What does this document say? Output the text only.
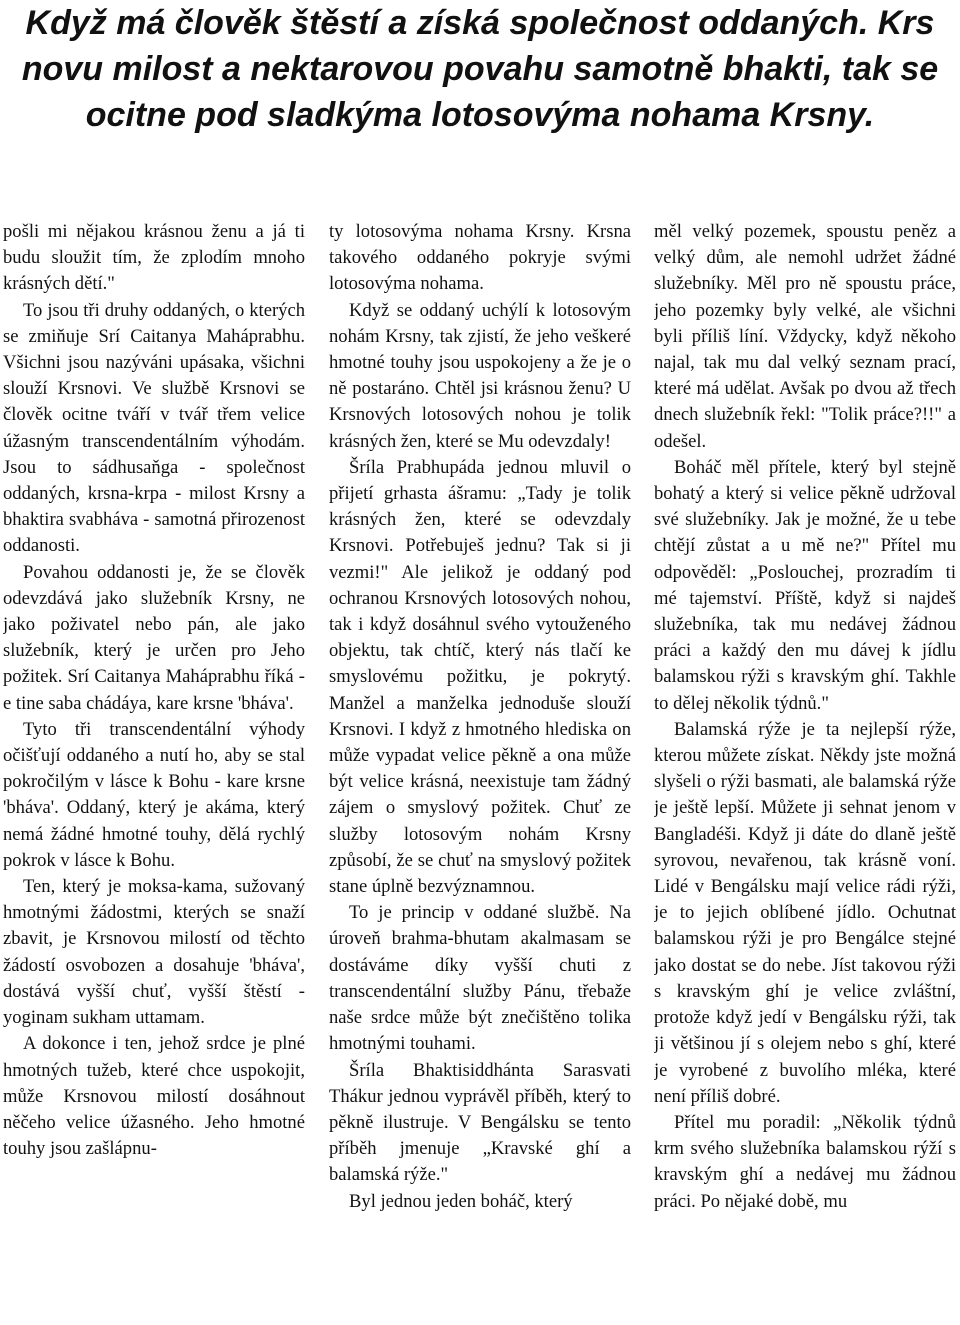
Když má člověk štěstí a získá společnost oddaných. Krs novu milost a nektarovou povahu samotně bhakti, tak se ocitne pod sladkýma lotosovýma nohama Krsny.

pošli mi nějakou krásnou ženu a já ti budu sloužit tím, že zplodím mnoho krásných dětí."

To jsou tři druhy oddaných, o kterých se zmiňuje Srí Caitanya Maháprabhu. Všichni jsou nazýváni upásaka, všichni slouží Krsnovi. Ve službě Krsnovi se člověk ocitne tváří v tvář třem velice úžasným transcendentálním výhodám. Jsou to sádhusaňga - společnost oddaných, krsna-krpa - milost Krsny a bhaktira svabháva - samotná přirozenost oddanosti.

Povahou oddanosti je, že se člověk odevzdává jako služebník Krsny, ne jako poživatel nebo pán, ale jako služebník, který je určen pro Jeho požitek. Srí Caitanya Maháprabhu říká - e tine saba chádáya, kare krsne 'bháva'.

Tyto tři transcendentální výhody očišťují oddaného a nutí ho, aby se stal pokročilým v lásce k Bohu - kare krsne 'bháva'. Oddaný, který je akáma, který nemá žádné hmotné touhy, dělá rychlý pokrok v lásce k Bohu.

Ten, který je moksa-kama, sužovaný hmotnými žádostmi, kterých se snaží zbavit, je Krsnovou milostí od těchto žádostí osvobozen a dosahuje 'bháva', dostává vyšší chuť, vyšší štěstí - yoginam sukham uttamam.

A dokonce i ten, jehož srdce je plné hmotných tužeb, které chce uspokojit, může Krsnovou milostí dosáhnout něčeho velice úžasného. Jeho hmotné touhy jsou zašlápnu-

ty lotosovýma nohama Krsny. Krsna takového oddaného pokryje svými lotosovýma nohama.

Když se oddaný uchýlí k lotosovým nohám Krsny, tak zjistí, že jeho veškeré hmotné touhy jsou uspokojeny a že je o ně postaráno. Chtěl jsi krásnou ženu? U Krsnových lotosových nohou je tolik krásných žen, které se Mu odevzdaly!

Šríla Prabhupáda jednou mluvil o přijetí grhasta ášramu: „Tady je tolik krásných žen, které se odevzdaly Krsnovi. Potřebuješ jednu? Tak si ji vezmi!" Ale jelikož je oddaný pod ochranou Krsnových lotosových nohou, tak i když dosáhnul svého vytouženého objektu, tak chtíč, který nás tlačí ke smyslovému požitku, je pokrytý. Manžel a manželka jednoduše slouží Krsnovi. I když z hmotného hlediska on může vypadat velice pěkně a ona může být velice krásná, neexistuje tam žádný zájem o smyslový požitek. Chuť ze služby lotosovým nohám Krsny způsobí, že se chuť na smyslový požitek stane úplně bezvýznamnou.

To je princip v oddané službě. Na úroveň brahma-bhutam akalmasam se dostáváme díky vyšší chuti z transcendentální služby Pánu, třebaže naše srdce může být znečištěno tolika hmotnými touhami.

Šríla Bhaktisiddhánta Sarasvati Thákur jednou vyprávěl příběh, který to pěkně ilustruje. V Bengálsku se tento příběh jmenuje „Kravské ghí a balamská rýže."

Byl jednou jeden boháč, který

měl velký pozemek, spoustu peněz a velký dům, ale nemohl udržet žádné služebníky. Měl pro ně spoustu práce, jeho pozemky byly velké, ale všichni byli příliš líní. Vždycky, když někoho najal, tak mu dal velký seznam prací, které má udělat. Avšak po dvou až třech dnech služebník řekl: "Tolik práce?!!" a odešel.

Boháč měl přítele, který byl stejně bohatý a který si velice pěkně udržoval své služebníky. Jak je možné, že u tebe chtějí zůstat a u mě ne?" Přítel mu odpověděl: „Poslouchej, prozradím ti mé tajemství. Příště, když si najdeš služebníka, tak mu nedávej žádnou práci a každý den mu dávej k jídlu balamskou rýži s kravským ghí. Takhle to dělej několik týdnů."

Balamská rýže je ta nejlepší rýže, kterou můžete získat. Někdy jste možná slyšeli o rýži basmati, ale balamská rýže je ještě lepší. Můžete ji sehnat jenom v Bangladéši. Když ji dáte do dlaně ještě syrovou, nevařenou, tak krásně voní. Lidé v Bengálsku mají velice rádi rýži, je to jejich oblíbené jídlo. Ochutnat balamskou rýži je pro Bengálce stejné jako dostat se do nebe. Jíst takovou rýži s kravským ghí je velice zvláštní, protože když jedí v Bengálsku rýži, tak ji většinou jí s olejem nebo s ghí, které je vyrobené z buvolího mléka, které není příliš dobré.

Přítel mu poradil: „Několik týdnů krm svého služebníka balamskou rýží s kravským ghí a nedávej mu žádnou práci. Po nějaké době, mu
